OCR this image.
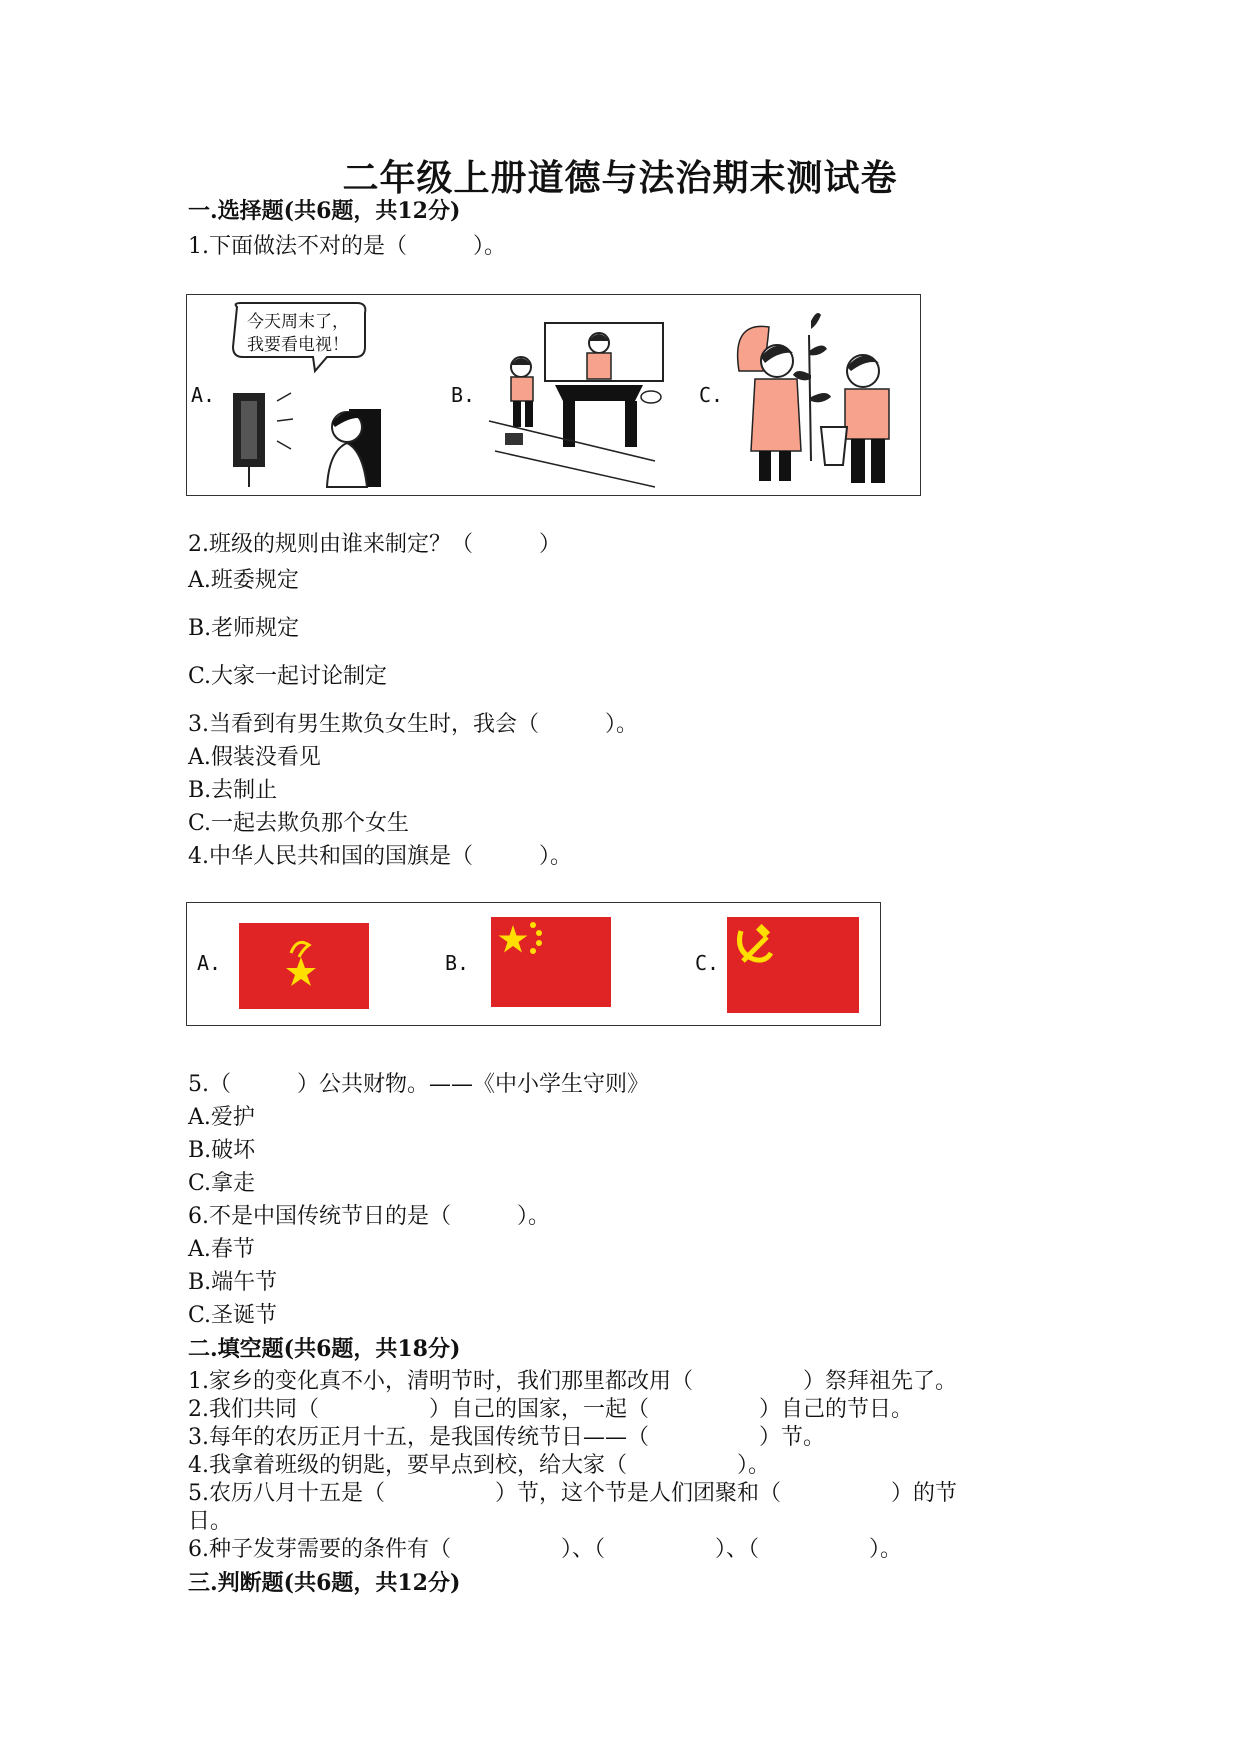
二年级上册道德与法治期末测试卷
一.选择题(共6题，共12分)
1.下面做法不对的是（　　　）。
A.	B.	C.
今天周末了，
我要看电视！
2.班级的规则由谁来制定？（　　　）
A.班委规定
B.老师规定
C.大家一起讨论制定
3.当看到有男生欺负女生时，我会（　　　）。
A.假装没看见
B.去制止
C.一起去欺负那个女生
4.中华人民共和国的国旗是（　　　）。
A.	B.	C.
5.（　　　）公共财物。——《中小学生守则》
A.爱护
B.破坏
C.拿走
6.不是中国传统节日的是（　　　）。
A.春节
B.端午节
C.圣诞节
二.填空题(共6题，共18分)
1.家乡的变化真不小，清明节时，我们那里都改用（　　　　　）祭拜祖先了。
2.我们共同（　　　　　）自己的国家，一起（　　　　　）自己的节日。
3.每年的农历正月十五，是我国传统节日——（　　　　　）节。
4.我拿着班级的钥匙，要早点到校，给大家（　　　　　）。
5.农历八月十五是（　　　　　）节，这个节是人们团聚和（　　　　　）的节
日。
6.种子发芽需要的条件有（　　　　　）、（　　　　　）、（　　　　　）。
三.判断题(共6题，共12分)
